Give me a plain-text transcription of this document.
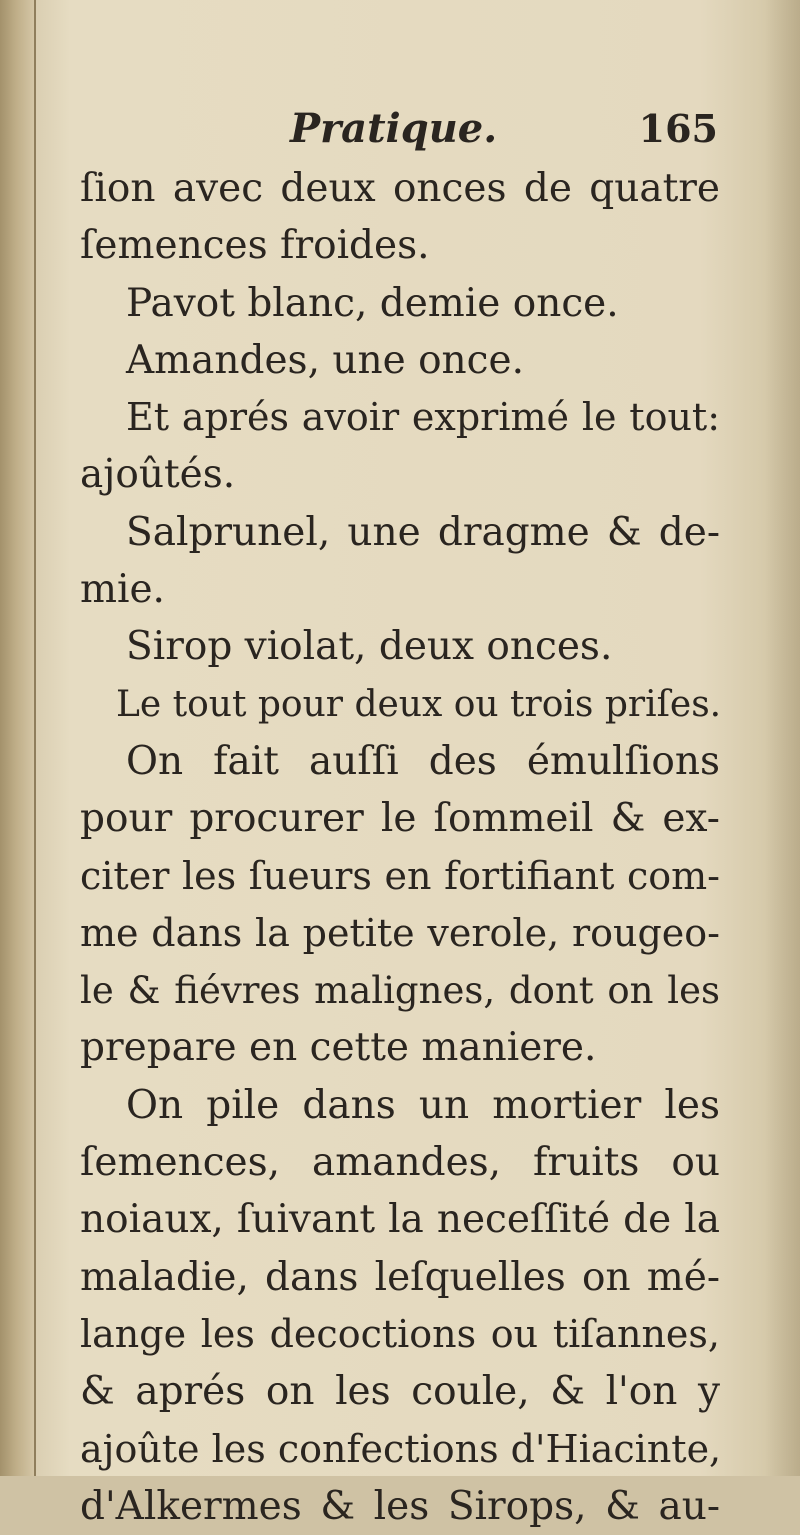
Pratique.	165
ſion avec deux onces de quatre
ſemences froides.
Pavot blanc, demie once.
Amandes, une once.
Et aprés avoir exprimé le tout:
ajoûtés.
Salprunel, une dragme & de-
mie.
Sirop violat, deux onces.
Le tout pour deux ou trois priſes.
On fait auſſi des émulſions
pour procurer le ſommeil & ex-
citer les ſueurs en fortifiant com-
me dans la petite verole, rougeo-
le & fiévres malignes, dont on les
prepare en cette maniere.
On pile dans un mortier les
ſemences, amandes, fruits ou
noiaux, ſuivant la neceſſité de la
maladie, dans leſquelles on mé-
lange les decoctions ou tiſannes,
& aprés on les coule, & l'on y
ajoûte les confections d'Hiacinte,
d'Alkermes & les Sirops, & au-
